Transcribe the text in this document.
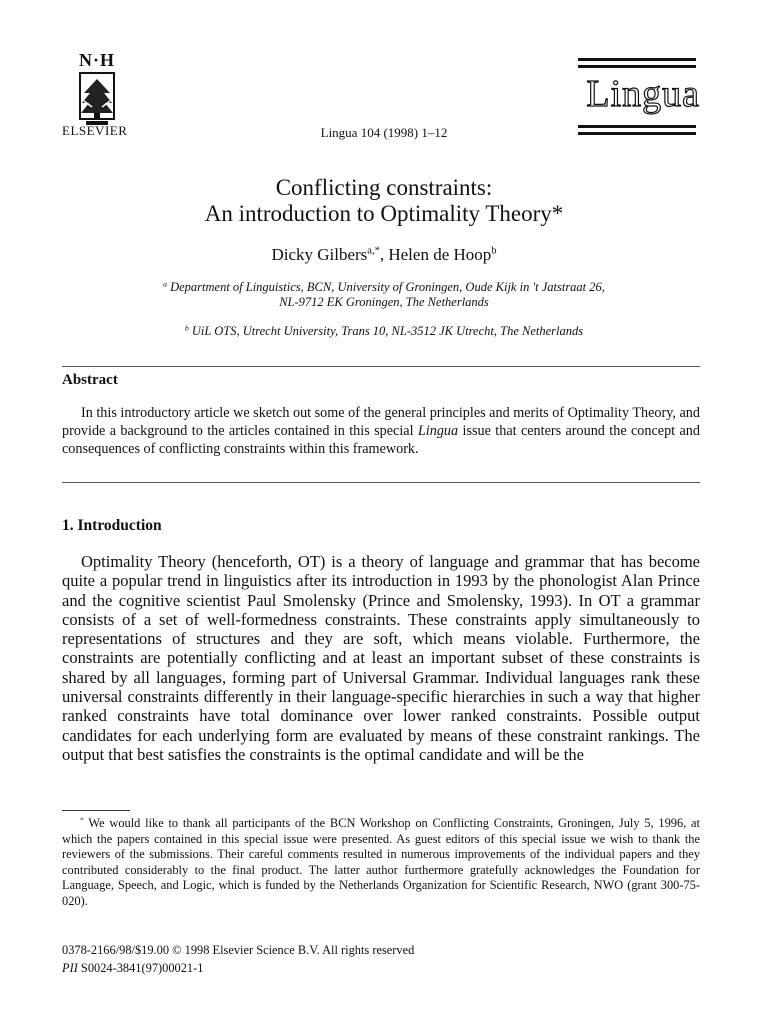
N·H
ELSEVIER	Lingua 104 (1998) 1–12
Lingua
Conflicting constraints:
An introduction to Optimality Theory*
Dicky Gilbers$^{a,*}$, Helen de Hoop$^b$
$^a$ Department of Linguistics, BCN, University of Groningen, Oude Kijk in 't Jatstraat 26,
NL-9712 EK Groningen, The Netherlands
$^b$ UiL OTS, Utrecht University, Trans 10, NL-3512 JK Utrecht, The Netherlands
Abstract
In this introductory article we sketch out some of the general principles and merits of Optimality Theory, and provide a background to the articles contained in this special Lingua issue that centers around the concept and consequences of conflicting constraints within this framework.
1. Introduction
Optimality Theory (henceforth, OT) is a theory of language and grammar that has become quite a popular trend in linguistics after its introduction in 1993 by the phonologist Alan Prince and the cognitive scientist Paul Smolensky (Prince and Smolensky, 1993). In OT a grammar consists of a set of well-formedness constraints. These constraints apply simultaneously to representations of structures and they are soft, which means violable. Furthermore, the constraints are potentially conflicting and at least an important subset of these constraints is shared by all languages, forming part of Universal Grammar. Individual languages rank these universal constraints differently in their language-specific hierarchies in such a way that higher ranked constraints have total dominance over lower ranked constraints. Possible output candidates for each underlying form are evaluated by means of these constraint rankings. The output that best satisfies the constraints is the optimal candidate and will be the
* We would like to thank all participants of the BCN Workshop on Conflicting Constraints, Groningen, July 5, 1996, at which the papers contained in this special issue were presented. As guest editors of this special issue we wish to thank the reviewers of the submissions. Their careful comments resulted in numerous improvements of the individual papers and they contributed considerably to the final product. The latter author furthermore gratefully acknowledges the Foundation for Language, Speech, and Logic, which is funded by the Netherlands Organization for Scientific Research, NWO (grant 300-75-020).
0378-2166/98/$19.00 © 1998 Elsevier Science B.V. All rights reserved
PII S0024-3841(97)00021-1
